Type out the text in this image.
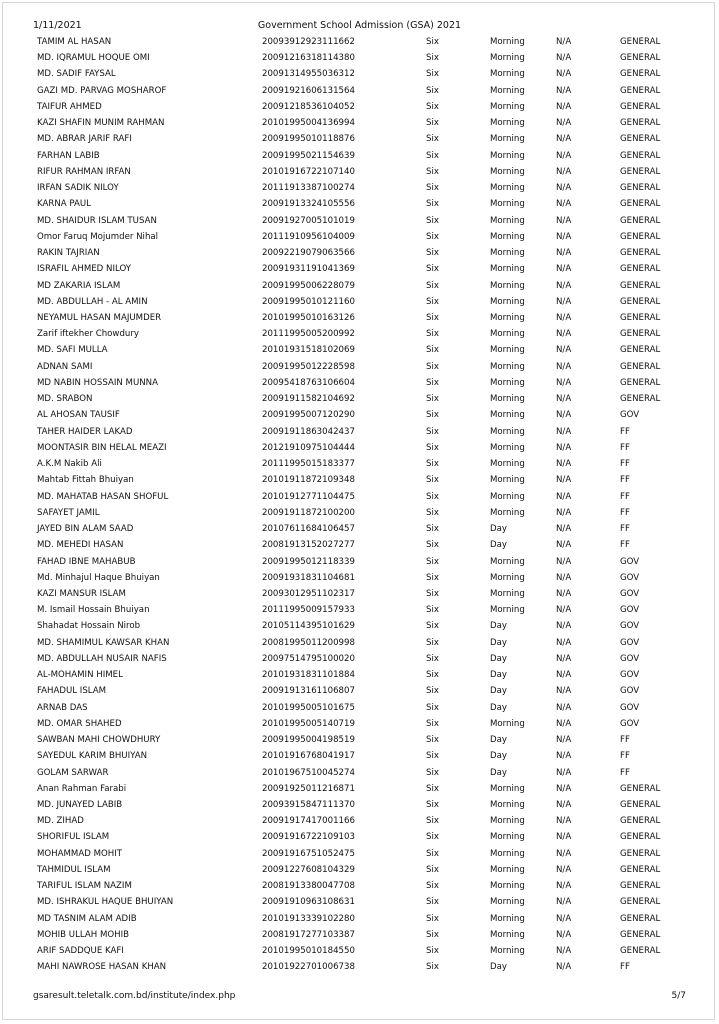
1/11/2021	Government School Admission (GSA) 2021
TAMIM AL HASAN	20093912923111662	Six	Morning	N/A	GENERAL
MD. IQRAMUL HOQUE OMI	20091216318114380	Six	Morning	N/A	GENERAL
MD. SADIF FAYSAL	20091314955036312	Six	Morning	N/A	GENERAL
GAZI MD. PARVAG MOSHAROF	20091921606131564	Six	Morning	N/A	GENERAL
TAIFUR AHMED	20091218536104052	Six	Morning	N/A	GENERAL
KAZI SHAFIN MUNIM RAHMAN	20101995004136994	Six	Morning	N/A	GENERAL
MD. ABRAR JARIF RAFI	20091995010118876	Six	Morning	N/A	GENERAL
FARHAN LABIB	20091995021154639	Six	Morning	N/A	GENERAL
RIFUR RAHMAN IRFAN	20101916722107140	Six	Morning	N/A	GENERAL
IRFAN SADIK NILOY	20111913387100274	Six	Morning	N/A	GENERAL
KARNA PAUL	20091913324105556	Six	Morning	N/A	GENERAL
MD. SHAIDUR ISLAM TUSAN	20091927005101019	Six	Morning	N/A	GENERAL
Omor Faruq Mojumder Nihal	20111910956104009	Six	Morning	N/A	GENERAL
RAKIN TAJRIAN	20092219079063566	Six	Morning	N/A	GENERAL
ISRAFIL AHMED NILOY	20091931191041369	Six	Morning	N/A	GENERAL
MD ZAKARIA ISLAM	20091995006228079	Six	Morning	N/A	GENERAL
MD. ABDULLAH - AL AMIN	20091995010121160	Six	Morning	N/A	GENERAL
NEYAMUL HASAN MAJUMDER	20101995010163126	Six	Morning	N/A	GENERAL
Zarif iftekher Chowdury	20111995005200992	Six	Morning	N/A	GENERAL
MD. SAFI MULLA	20101931518102069	Six	Morning	N/A	GENERAL
ADNAN SAMI	20091995012228598	Six	Morning	N/A	GENERAL
MD NABIN HOSSAIN MUNNA	20095418763106604	Six	Morning	N/A	GENERAL
MD. SRABON	20091911582104692	Six	Morning	N/A	GENERAL
AL AHOSAN TAUSIF	20091995007120290	Six	Morning	N/A	GOV
TAHER HAIDER LAKAD	20091911863042437	Six	Morning	N/A	FF
MOONTASIR BIN HELAL MEAZI	20121910975104444	Six	Morning	N/A	FF
A.K.M Nakib Ali	20111995015183377	Six	Morning	N/A	FF
Mahtab Fittah Bhuiyan	20101911872109348	Six	Morning	N/A	FF
MD. MAHATAB HASAN SHOFUL	20101912771104475	Six	Morning	N/A	FF
SAFAYET JAMIL	20091911872100200	Six	Morning	N/A	FF
JAYED BIN ALAM SAAD	20107611684106457	Six	Day	N/A	FF
MD. MEHEDI HASAN	20081913152027277	Six	Day	N/A	FF
FAHAD IBNE MAHABUB	20091995012118339	Six	Morning	N/A	GOV
Md. Minhajul Haque Bhuiyan	20091931831104681	Six	Morning	N/A	GOV
KAZI MANSUR ISLAM	20093012951102317	Six	Morning	N/A	GOV
M. Ismail Hossain Bhuiyan	20111995009157933	Six	Morning	N/A	GOV
Shahadat Hossain Nirob	20105114395101629	Six	Day	N/A	GOV
MD. SHAMIMUL KAWSAR KHAN	20081995011200998	Six	Day	N/A	GOV
MD. ABDULLAH NUSAIR NAFIS	20097514795100020	Six	Day	N/A	GOV
AL-MOHAMIN HIMEL	20101931831101884	Six	Day	N/A	GOV
FAHADUL ISLAM	20091913161106807	Six	Day	N/A	GOV
ARNAB DAS	20101995005101675	Six	Day	N/A	GOV
MD. OMAR SHAHED	20101995005140719	Six	Morning	N/A	GOV
SAWBAN MAHI CHOWDHURY	20091995004198519	Six	Day	N/A	FF
SAYEDUL KARIM BHUIYAN	20101916768041917	Six	Day	N/A	FF
GOLAM SARWAR	20101967510045274	Six	Day	N/A	FF
Anan Rahman Farabi	20091925011216871	Six	Morning	N/A	GENERAL
MD. JUNAYED LABIB	20093915847111370	Six	Morning	N/A	GENERAL
MD. ZIHAD	20091917417001166	Six	Morning	N/A	GENERAL
SHORIFUL ISLAM	20091916722109103	Six	Morning	N/A	GENERAL
MOHAMMAD MOHIT	20091916751052475	Six	Morning	N/A	GENERAL
TAHMIDUL ISLAM	20091227608104329	Six	Morning	N/A	GENERAL
TARIFUL ISLAM NAZIM	20081913380047708	Six	Morning	N/A	GENERAL
MD. ISHRAKUL HAQUE BHUIYAN	20091910963108631	Six	Morning	N/A	GENERAL
MD TASNIM ALAM ADIB	20101913339102280	Six	Morning	N/A	GENERAL
MOHIB ULLAH MOHIB	20081917277103387	Six	Morning	N/A	GENERAL
ARIF SADDQUE KAFI	20101995010184550	Six	Morning	N/A	GENERAL
MAHI NAWROSE HASAN KHAN	20101922701006738	Six	Day	N/A	FF
gsaresult.teletalk.com.bd/institute/index.php	5/7
